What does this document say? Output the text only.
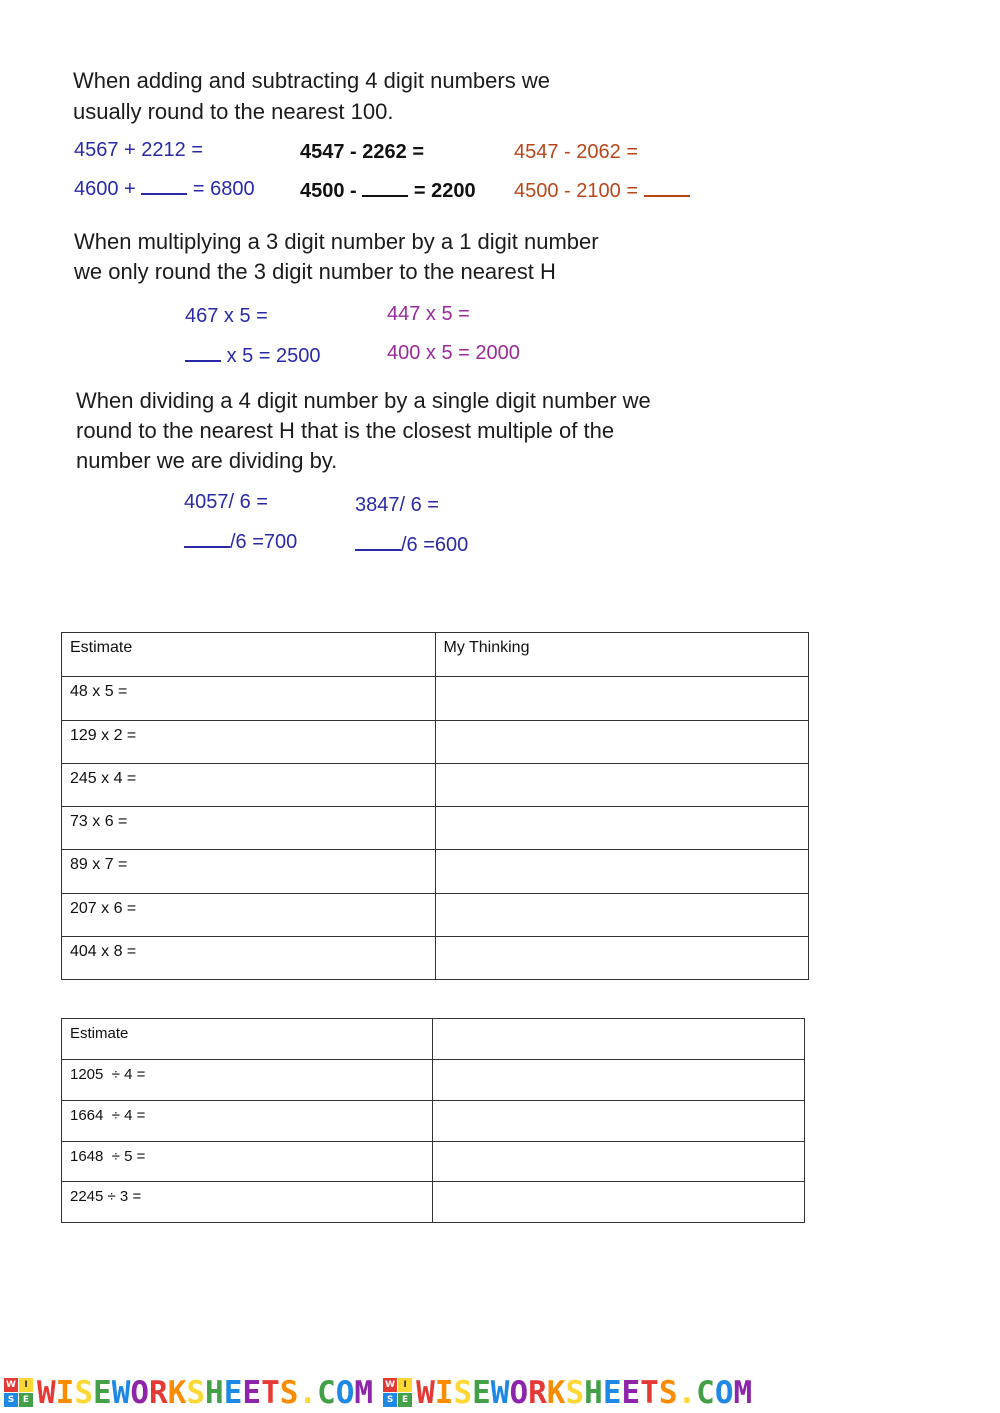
When adding and subtracting 4 digit numbers we
usually round to the nearest 100.
4567 + 2212 =
4600 +	= 6800
4547 - 2262 =
4500 -	= 2200
4547 - 2062 =
4500 - 2100 =
When multiplying a 3 digit number by a 1 digit number
we only round the 3 digit number to the nearest H
467 x 5 =
x 5 = 2500
447 x 5 =
400 x 5 = 2000
When dividing a 4 digit number by a single digit number we
round to the nearest H that is the closest multiple of the
number we are dividing by.
4057/ 6 =
/6 =700
3847/ 6 =
/6 =600
Estimate	My Thinking
48 x 5 =	
129 x 2 =	
245 x 4 =	
73 x 6 =	
89 x 7 =	
207 x 6 =	
404 x 8 =	
Estimate	
1205  ÷ 4 =	
1664  ÷ 4 =	
1648  ÷ 5 =	
2245 ÷ 3 =	
W I
S E WISEWORKSHEETS.COM W I
S E WISEWORKSHEETS.COM
